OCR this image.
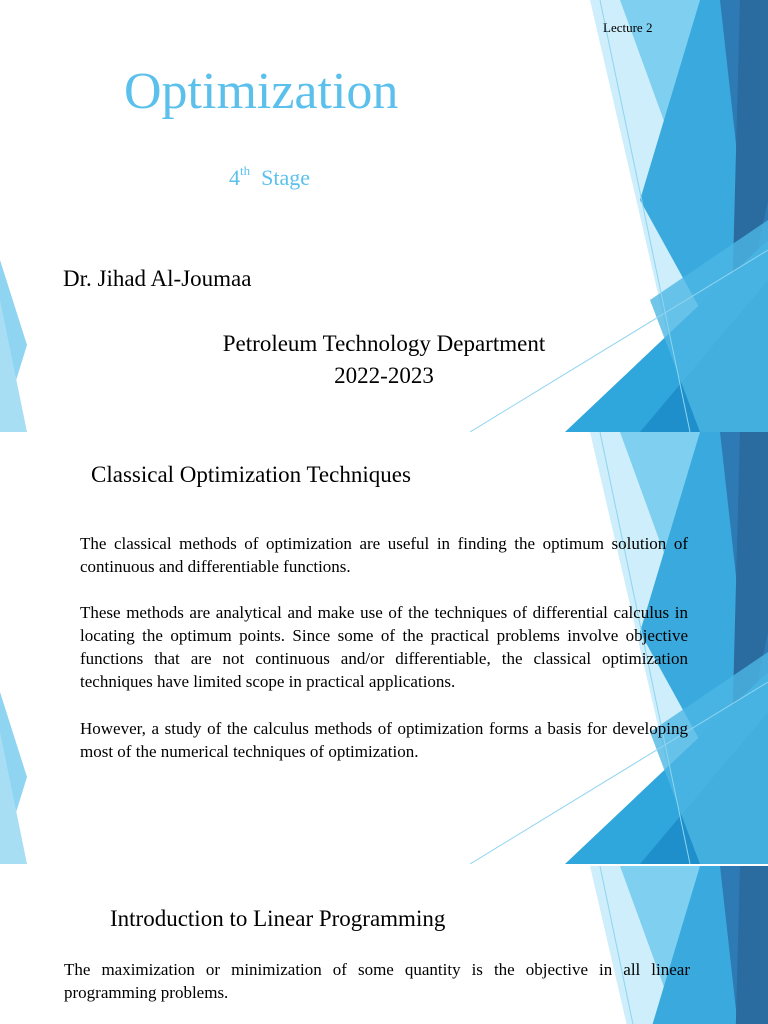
Lecture 2
Optimization
4th Stage
Dr. Jihad Al-Joumaa
Petroleum Technology Department
2022-2023
Classical Optimization Techniques

The classical methods of optimization are useful in finding the optimum solution of continuous and differentiable functions.

These methods are analytical and make use of the techniques of differential calculus in locating the optimum points. Since some of the practical problems involve objective functions that are not continuous and/or differentiable, the classical optimization techniques have limited scope in practical applications.

However, a study of the calculus methods of optimization forms a basis for developing most of the numerical techniques of optimization.

Introduction to Linear Programming

The maximization or minimization of some quantity is the objective in all linear programming problems.
